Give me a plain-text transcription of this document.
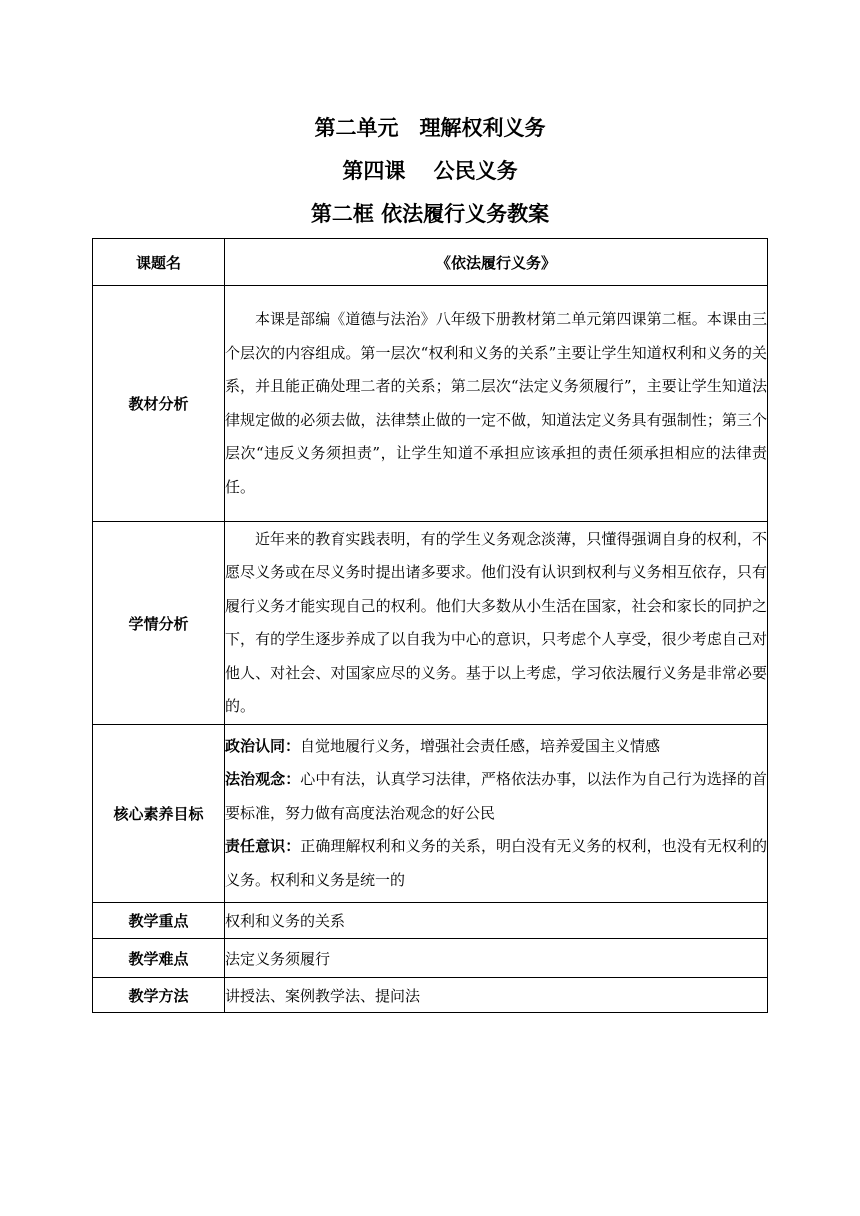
第二单元　理解权利义务
第四课　 公民义务
第二框 依法履行义务教案
课题名	《依法履行义务》
教材分析	本课是部编《道德与法治》八年级下册教材第二单元第四课第二框。本课由三个层次的内容组成。第一层次“权利和义务的关系”主要让学生知道权利和义务的关系，并且能正确处理二者的关系；第二层次“法定义务须履行”，主要让学生知道法律规定做的必须去做，法律禁止做的一定不做，知道法定义务具有强制性；第三个层次“违反义务须担责”，让学生知道不承担应该承担的责任须承担相应的法律责任。

学情分析	近年来的教育实践表明，有的学生义务观念淡薄，只懂得强调自身的权利，不愿尽义务或在尽义务时提出诸多要求。他们没有认识到权利与义务相互依存，只有履行义务才能实现自己的权利。他们大多数从小生活在国家，社会和家长的同护之下，有的学生逐步养成了以自我为中心的意识，只考虑个人享受，很少考虑自己对他人、对社会、对国家应尽的义务。基于以上考虑，学习依法履行义务是非常必要的。

核心素养目标	政治认同：自觉地履行义务，增强社会责任感，培养爱国主义情感
法治观念：心中有法，认真学习法律，严格依法办事，以法作为自己行为选择的首要标准，努力做有高度法治观念的好公民
责任意识：正确理解权利和义务的关系，明白没有无义务的权利，也没有无权利的义务。权利和义务是统一的

教学重点	权利和义务的关系
教学难点	法定义务须履行
教学方法	讲授法、案例教学法、提问法
